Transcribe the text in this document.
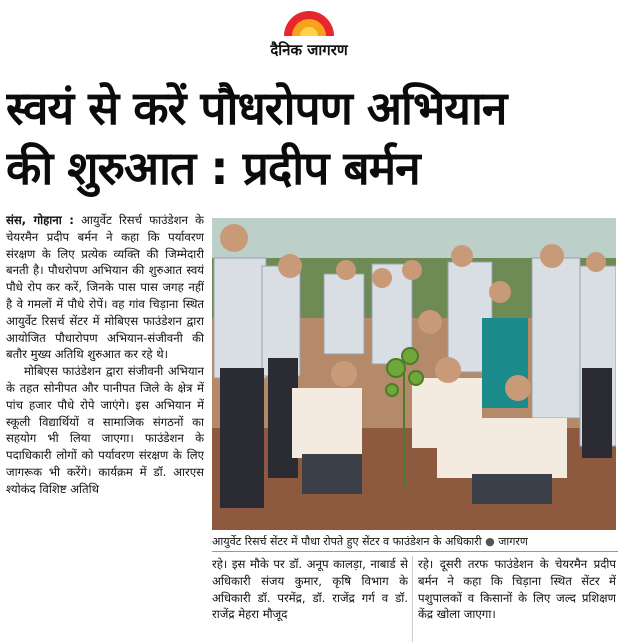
दैनिक जागरण
स्वयं से करें पौधरोपण अभियान
की शुरुआत : प्रदीप बर्मन

संस, गोहाना : आयुर्वेट रिसर्च फाउंडेशन के चेयरमैन प्रदीप बर्मन ने कहा कि पर्यावरण संरक्षण के लिए प्रत्येक व्यक्ति की जिम्मेदारी बनती है। पौधरोपण अभियान की शुरुआत स्वयं पौधे रोप कर करें, जिनके पास पास जगह नहीं है वे गमलों में पौधे रोपें। वह गांव चिड़ाना स्थित आयुर्वेट रिसर्च सेंटर में मोबिएस फाउंडेशन द्वारा आयोजित पौधारोपण अभियान-संजीवनी की बतौर मुख्य अतिथि शुरुआत कर रहे थे।

मोबिएस फाउंडेशन द्वारा संजीवनी अभियान के तहत सोनीपत और पानीपत जिले के क्षेत्र में पांच हजार पौधे रोपे जाएंगे। इस अभियान में स्कूली विद्यार्थियों व सामाजिक संगठनों का सहयोग भी लिया जाएगा। फाउंडेशन के पदाधिकारी लोगों को पर्यावरण संरक्षण के लिए जागरूक भी करेंगे। कार्यक्रम में डॉ. आरएस श्योकंद विशिष्ट अतिथि

आयुर्वेट रिसर्च सेंटर में पौधा रोपते हुए सेंटर व फाउंडेशन के अधिकारी ● जागरण

रहे। इस मौके पर डॉ. अनूप कालड़ा, नाबार्ड से अधिकारी संजय कुमार, कृषि विभाग के अधिकारी डॉ. परमेंद्र, डॉ. राजेंद्र गर्ग व डॉ. राजेंद्र मेहरा मौजूद

रहे। दूसरी तरफ फाउंडेशन के चेयरमैन प्रदीप बर्मन ने कहा कि चिड़ाना स्थित सेंटर में पशुपालकों व किसानों के लिए जल्द प्रशिक्षण केंद्र खोला जाएगा।
